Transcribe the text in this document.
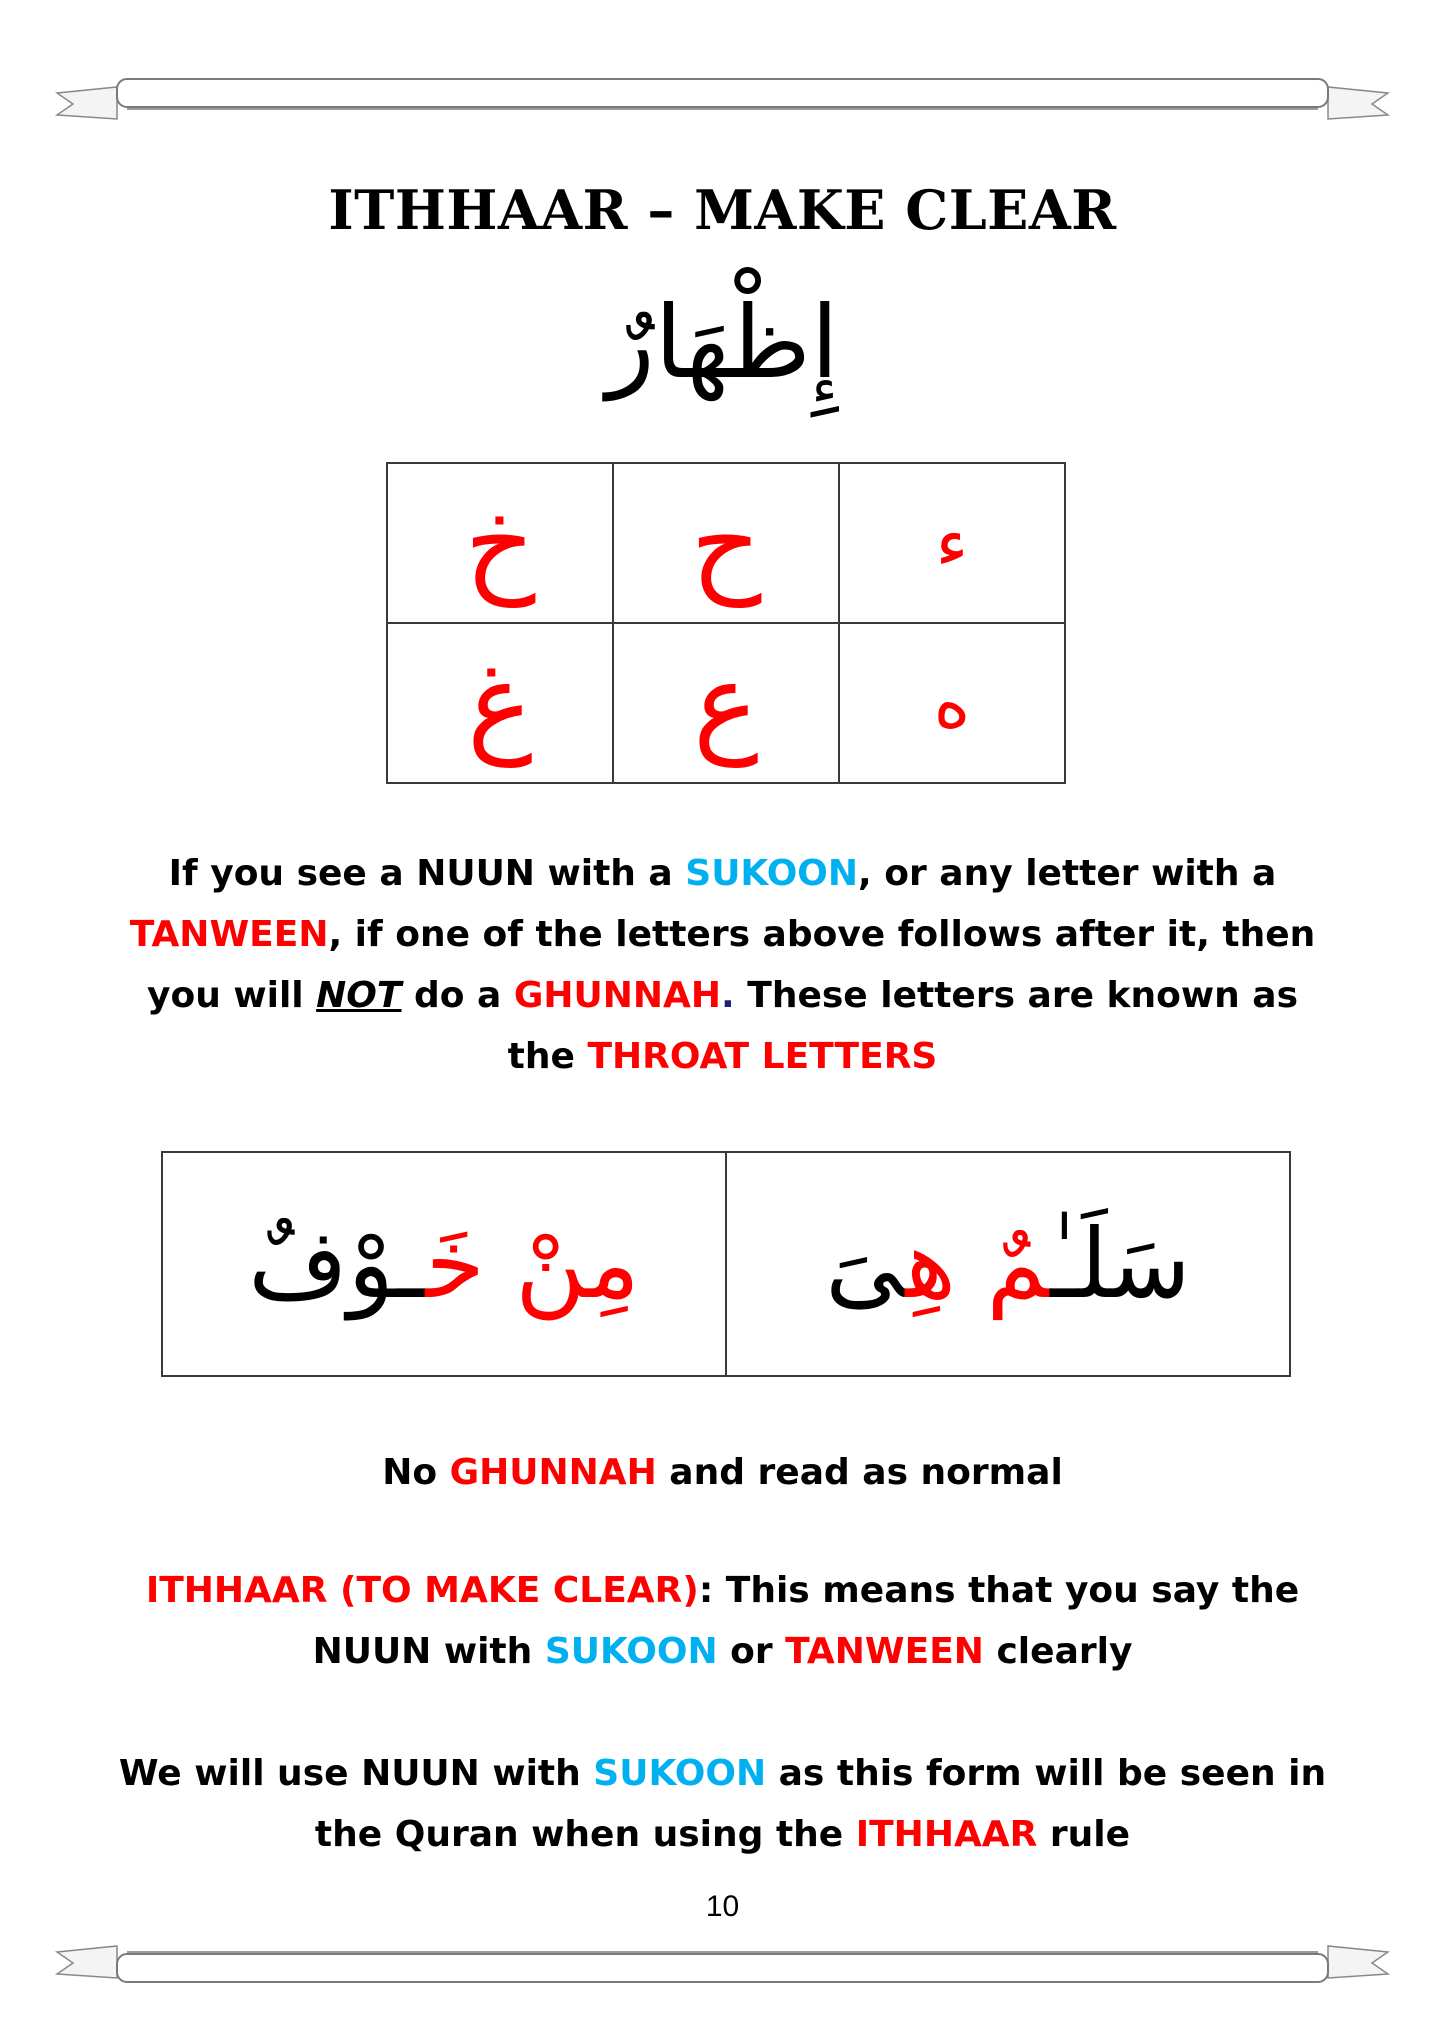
ITHHAAR – MAKE CLEAR
إِظْهَارٌ
ء	ح	خ
ه	ع	غ
If you see a NUUN with a SUKOON, or any letter with a
TANWEEN, if one of the letters above follows after it, then
you will NOT do a GHUNNAH. These letters are known as
the THROAT LETTERS
مِنْ خَـوْفٌ	سَلَـٰمٌ هِىَ
No GHUNNAH and read as normal
ITHHAAR (TO MAKE CLEAR): This means that you say the
NUUN with SUKOON or TANWEEN clearly
We will use NUUN with SUKOON as this form will be seen in
the Quran when using the ITHHAAR rule
10
